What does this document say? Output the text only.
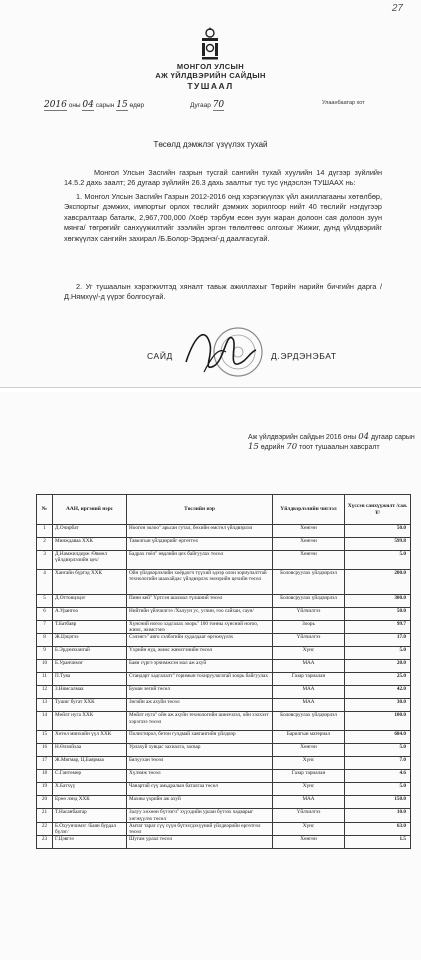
27
МОНГОЛ УЛСЫН
АЖ ҮЙЛДВЭРИЙН САЙДЫН
ТУШААЛ
2016 оны 04 сарын 15 өдөр	Дугаар 70	Улаанбаатар хот
Төсөлд дэмжлэг үзүүлэх тухай

Монгол Улсын Засгийн газрын тусгай сангийн тухай хуулийн 14 дүгээр зүйлийн 14.5.2 дахь заалт; 26 дугаар зүйлийн 26.3 дахь заалтыг тус тус үндэслэн ТУШААХ нь:

1. Монгол Улсын Засгийн Газрын 2012-2016 онд хэрэгжүүлэх үйл ажиллагааны хөтөлбөр, Экспортыг дэмжих, импортыг орлох төслийг дэмжих зорилгоор нийт 40 төслийг нэгдүгээр хавсралтаар баталж, 2,967,700,000 /Хоёр тэрбум есөн зуун жаран долоон сая долоон зуун мянга/ төгрөгийг санхүүжилтийг зээлийн эргэн төлөлтөөс олгохыг Жижиг, дунд үйлдвэрийг хөгжүүлэх сангийн захирал /Б.Болор-Эрдэнэ/-д даалгасугай.

2. Уг тушаалын хэрэгжилтэд хяналт тавьж ажиллахыг Төрийн нарийн бичгийн дарга /Д.Нямхүү/-д үүрэг болгосугай.

САЙД	Д.ЭРДЭНЭБАТ
Аж үйлдвэрийн сайдын 2016 оны 04 дугаар сарын 15 өдрийн 70 тоот тушаалын хавсралт
№	ААН, иргэний нэрс	Төслийн нэр	Үйлдвэрлэлийн чиглэл	Хүссэн санхүүжилт /сая.₮/
1	Д.Очирбат	Ноогон золоо" арьсан гутал, бөхийн өмсгөл үйлдвэрлэл	Хөнгөн	50.0
2	Минждаваа ХХК	Тавилгын үйлдвэрийг өргөтгөх	Хөнгөн	599.8
3	Д.Намжилдорж /Өвмөл үйлдвэрлэлийн цех/	Бадрах гоёл" өвдлийн цех байгуулах төсөл	Хөнгөн	5.0
4	Хангайн бүргэд ХХК	Ойн үйлдвэрлэлийн хоёрдогч түүхий эдээр олон зориулалттай технологийн шаахайдас үйлдвэрлэх эмээрийн цехийн төсөл	Боловсруулах үйлдвэрлэл	200.0
5	Д.Оттонцэцэг	Пинн кей" Үртсэн шахмал түлшний төсөл	Боловсруулах үйлдвэрлэл	300.0
6	А.Урангоо	Нийтийн үйлчилгээ /Халуун ус, усчин, гоо сайхан, саун/	Үйлчилгээ	50.0
7	Т.Батбаяр	Хүнсний ногоо хадгалах зоорь" 100 тонны хүнсний ногоо, жимс, жимсгэнэ	Зоорь	99.7
8	Ж.Цэцэгээ	Сэлэнгэ" авто сэлбэгийн худалдааг өргөжүүлэх	Үйлчилгээ	17.0
9	Б.Эрдэнэхангай	Үхрийн нуд, жимс жимсгэнийн төсөл	Хүнс	5.0
10	Б.Уранчимэг	Баян сүргэ эрчимжсэн мал аж ахуй	МАА	20.0
11	П.Туяа	Стандарт хадгалалт" горимын тохируулагатай зоорь байгуулах	Газар тариалан	25.0
12	З.Нямсалмаа	Буман зөгий төсөл	МАА	42.0
13	Тушиг бугат ХХК	Зөгийн аж ахуйн төсөл	МАА	30.0
14	Мөйлт нуга ХХК	Мөйлт нуга" ойн аж ахуйн технологийн шинэчлэл, ойн хэлхээт хэрэглээ төсөл	Боловсруулах үйлдвэрлэл	100.0
15	Хөтөл минхийн үүл ХХК	Полистирол, бетон гулдмай хавтангийн үйлдвэр	Барилгын материал	684.0
16	Н.Өлзийхаа	Урлахуй хувцас захиалга, засвар	Хөнгөн	5.0
17	Ж.Мягмар, Ц.Баярмаа	Бялуухан төсөл	Хүнс	7.0
18	С.Гантөмөр	Хүлэмж төсөл	Газар тариалан	4.6
19	Х.Батхүү	Чанартай сүү амьдралын баталгаа төсөл	Хүнс	5.0
20	Ерөө лэнд ХХК	Махны үхрийн аж ахуй	МАА	150.0
21	Т.Насанбаатар	Залуу хөхөөн бүтээгч" хүүхдийн урлан бүтээх чадварыг хөгжүүлэх төсөл	Үйлчилгээ	10.0
22	Б.Охуунчимэг /Баян бурдал бүлэг/	Амтат тараг сүү сүүн бүтээгдэхүүний үйлдвэрийн өргөтгөл төсөл	Хүнс	63.0
23	Г.Цэвгээ	Шугам урлал төсөл	Хөнгөн	1.5
